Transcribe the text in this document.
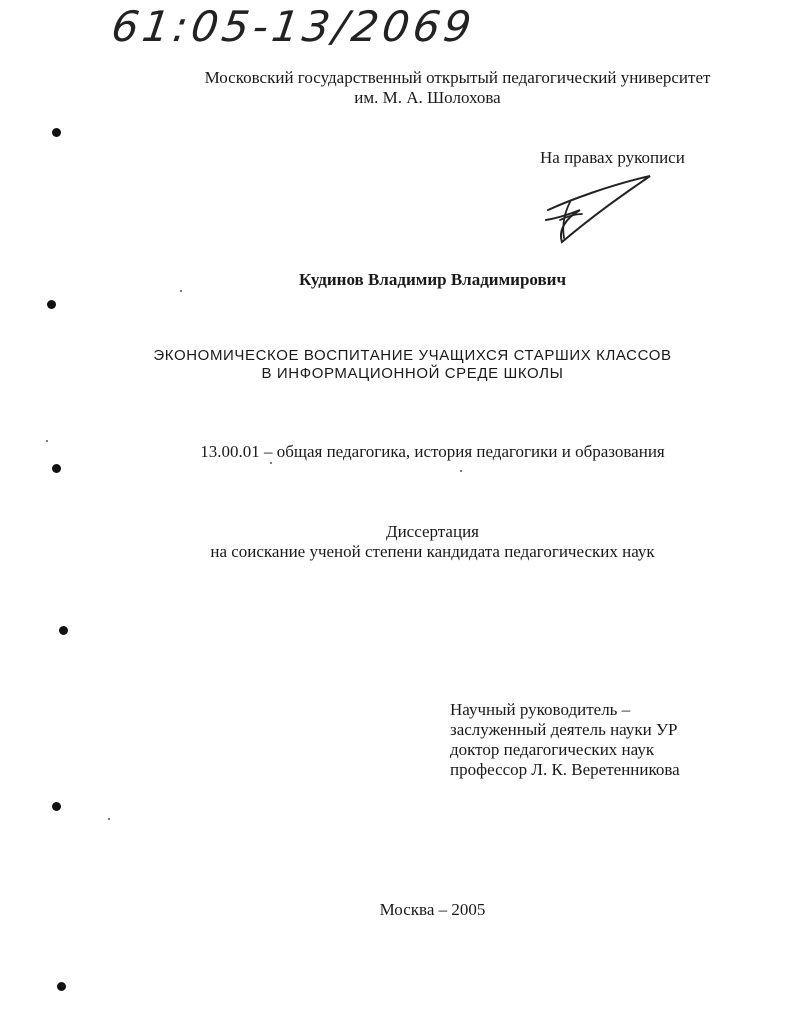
61:05-13/2069
Московский государственный открытый педагогический университет
им. М. А. Шолохова
На правах рукописи
Кудинов Владимир Владимирович
ЭКОНОМИЧЕСКОЕ ВОСПИТАНИЕ УЧАЩИХСЯ СТАРШИХ КЛАССОВ
В ИНФОРМАЦИОННОЙ СРЕДЕ ШКОЛЫ
13.00.01 – общая педагогика, история педагогики и образования
Диссертация
на соискание ученой степени кандидата педагогических наук
Научный руководитель –
заслуженный деятель науки УР
доктор педагогических наук
профессор Л. К. Веретенникова
Москва – 2005
